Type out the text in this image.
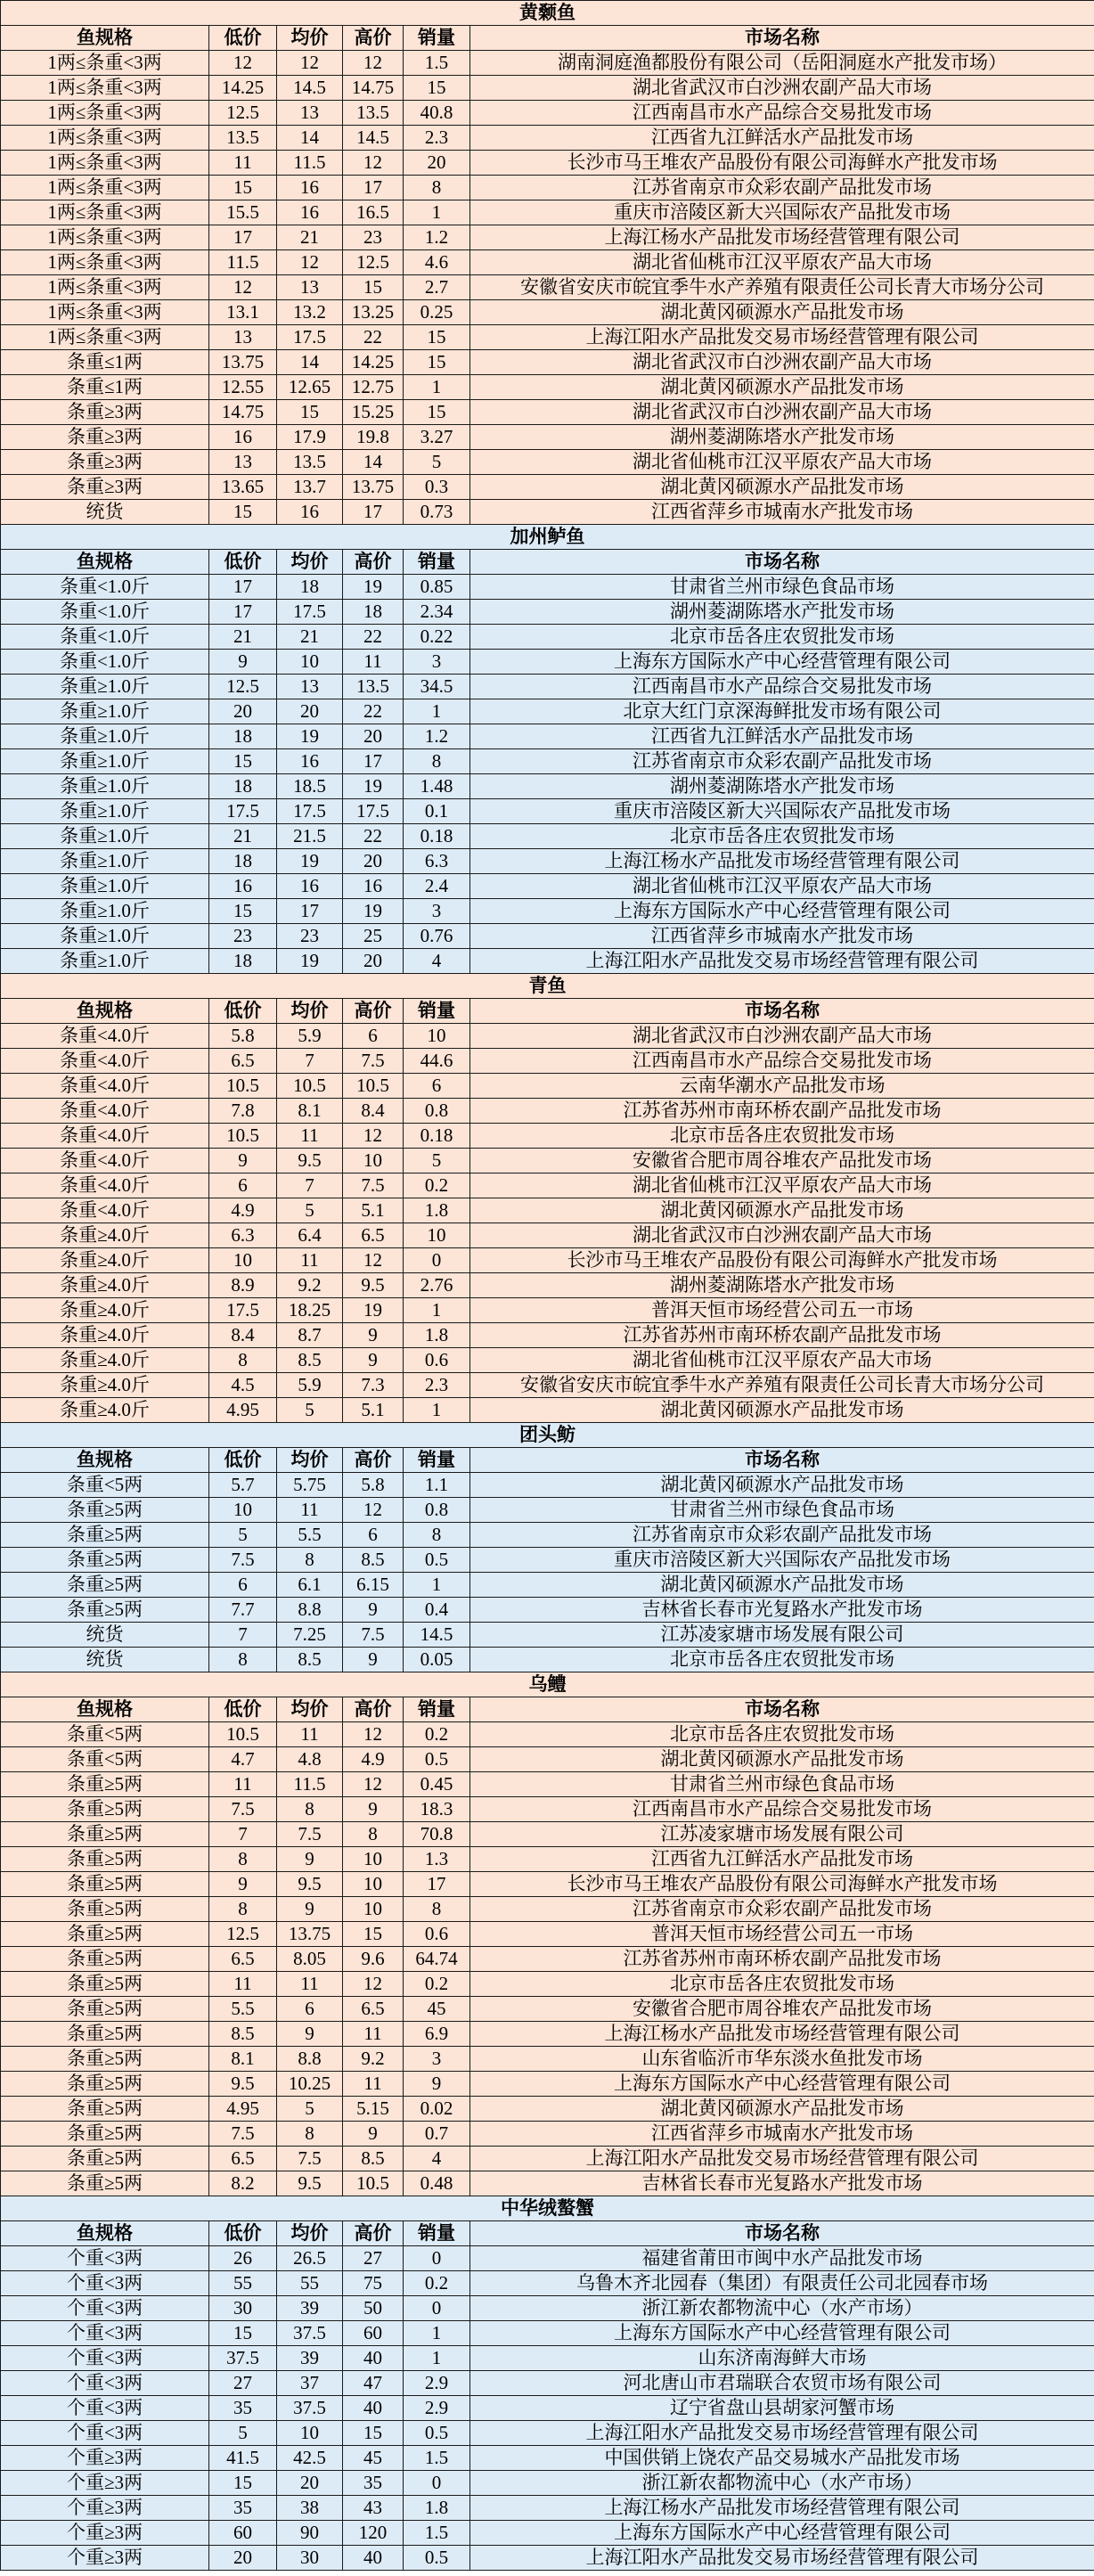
黄颡鱼					
鱼规格	低价	均价	高价	销量	市场名称
1两≤条重<3两	12	12	12	1.5	湖南洞庭渔都股份有限公司（岳阳洞庭水产批发市场）
1两≤条重<3两	14.25	14.5	14.75	15	湖北省武汉市白沙洲农副产品大市场
1两≤条重<3两	12.5	13	13.5	40.8	江西南昌市水产品综合交易批发市场
1两≤条重<3两	13.5	14	14.5	2.3	江西省九江鲜活水产品批发市场
1两≤条重<3两	11	11.5	12	20	长沙市马王堆农产品股份有限公司海鲜水产批发市场
1两≤条重<3两	15	16	17	8	江苏省南京市众彩农副产品批发市场
1两≤条重<3两	15.5	16	16.5	1	重庆市涪陵区新大兴国际农产品批发市场
1两≤条重<3两	17	21	23	1.2	上海江杨水产品批发市场经营管理有限公司
1两≤条重<3两	11.5	12	12.5	4.6	湖北省仙桃市江汉平原农产品大市场
1两≤条重<3两	12	13	15	2.7	安徽省安庆市皖宜季牛水产养殖有限责任公司长青大市场分公司
1两≤条重<3两	13.1	13.2	13.25	0.25	湖北黄冈硕源水产品批发市场
1两≤条重<3两	13	17.5	22	15	上海江阳水产品批发交易市场经营管理有限公司
条重≤1两	13.75	14	14.25	15	湖北省武汉市白沙洲农副产品大市场
条重≤1两	12.55	12.65	12.75	1	湖北黄冈硕源水产品批发市场
条重≥3两	14.75	15	15.25	15	湖北省武汉市白沙洲农副产品大市场
条重≥3两	16	17.9	19.8	3.27	湖州菱湖陈塔水产批发市场
条重≥3两	13	13.5	14	5	湖北省仙桃市江汉平原农产品大市场
条重≥3两	13.65	13.7	13.75	0.3	湖北黄冈硕源水产品批发市场
统货	15	16	17	0.73	江西省萍乡市城南水产批发市场
加州鲈鱼					
鱼规格	低价	均价	高价	销量	市场名称
条重<1.0斤	17	18	19	0.85	甘肃省兰州市绿色食品市场
条重<1.0斤	17	17.5	18	2.34	湖州菱湖陈塔水产批发市场
条重<1.0斤	21	21	22	0.22	北京市岳各庄农贸批发市场
条重<1.0斤	9	10	11	3	上海东方国际水产中心经营管理有限公司
条重≥1.0斤	12.5	13	13.5	34.5	江西南昌市水产品综合交易批发市场
条重≥1.0斤	20	20	22	1	北京大红门京深海鲜批发市场有限公司
条重≥1.0斤	18	19	20	1.2	江西省九江鲜活水产品批发市场
条重≥1.0斤	15	16	17	8	江苏省南京市众彩农副产品批发市场
条重≥1.0斤	18	18.5	19	1.48	湖州菱湖陈塔水产批发市场
条重≥1.0斤	17.5	17.5	17.5	0.1	重庆市涪陵区新大兴国际农产品批发市场
条重≥1.0斤	21	21.5	22	0.18	北京市岳各庄农贸批发市场
条重≥1.0斤	18	19	20	6.3	上海江杨水产品批发市场经营管理有限公司
条重≥1.0斤	16	16	16	2.4	湖北省仙桃市江汉平原农产品大市场
条重≥1.0斤	15	17	19	3	上海东方国际水产中心经营管理有限公司
条重≥1.0斤	23	23	25	0.76	江西省萍乡市城南水产批发市场
条重≥1.0斤	18	19	20	4	上海江阳水产品批发交易市场经营管理有限公司
青鱼					
鱼规格	低价	均价	高价	销量	市场名称
条重<4.0斤	5.8	5.9	6	10	湖北省武汉市白沙洲农副产品大市场
条重<4.0斤	6.5	7	7.5	44.6	江西南昌市水产品综合交易批发市场
条重<4.0斤	10.5	10.5	10.5	6	云南华潮水产品批发市场
条重<4.0斤	7.8	8.1	8.4	0.8	江苏省苏州市南环桥农副产品批发市场
条重<4.0斤	10.5	11	12	0.18	北京市岳各庄农贸批发市场
条重<4.0斤	9	9.5	10	5	安徽省合肥市周谷堆农产品批发市场
条重<4.0斤	6	7	7.5	0.2	湖北省仙桃市江汉平原农产品大市场
条重<4.0斤	4.9	5	5.1	1.8	湖北黄冈硕源水产品批发市场
条重≥4.0斤	6.3	6.4	6.5	10	湖北省武汉市白沙洲农副产品大市场
条重≥4.0斤	10	11	12	0	长沙市马王堆农产品股份有限公司海鲜水产批发市场
条重≥4.0斤	8.9	9.2	9.5	2.76	湖州菱湖陈塔水产批发市场
条重≥4.0斤	17.5	18.25	19	1	普洱天恒市场经营公司五一市场
条重≥4.0斤	8.4	8.7	9	1.8	江苏省苏州市南环桥农副产品批发市场
条重≥4.0斤	8	8.5	9	0.6	湖北省仙桃市江汉平原农产品大市场
条重≥4.0斤	4.5	5.9	7.3	2.3	安徽省安庆市皖宜季牛水产养殖有限责任公司长青大市场分公司
条重≥4.0斤	4.95	5	5.1	1	湖北黄冈硕源水产品批发市场
团头鲂					
鱼规格	低价	均价	高价	销量	市场名称
条重<5两	5.7	5.75	5.8	1.1	湖北黄冈硕源水产品批发市场
条重≥5两	10	11	12	0.8	甘肃省兰州市绿色食品市场
条重≥5两	5	5.5	6	8	江苏省南京市众彩农副产品批发市场
条重≥5两	7.5	8	8.5	0.5	重庆市涪陵区新大兴国际农产品批发市场
条重≥5两	6	6.1	6.15	1	湖北黄冈硕源水产品批发市场
条重≥5两	7.7	8.8	9	0.4	吉林省长春市光复路水产批发市场
统货	7	7.25	7.5	14.5	江苏凌家塘市场发展有限公司
统货	8	8.5	9	0.05	北京市岳各庄农贸批发市场
乌鳢					
鱼规格	低价	均价	高价	销量	市场名称
条重<5两	10.5	11	12	0.2	北京市岳各庄农贸批发市场
条重<5两	4.7	4.8	4.9	0.5	湖北黄冈硕源水产品批发市场
条重≥5两	11	11.5	12	0.45	甘肃省兰州市绿色食品市场
条重≥5两	7.5	8	9	18.3	江西南昌市水产品综合交易批发市场
条重≥5两	7	7.5	8	70.8	江苏凌家塘市场发展有限公司
条重≥5两	8	9	10	1.3	江西省九江鲜活水产品批发市场
条重≥5两	9	9.5	10	17	长沙市马王堆农产品股份有限公司海鲜水产批发市场
条重≥5两	8	9	10	8	江苏省南京市众彩农副产品批发市场
条重≥5两	12.5	13.75	15	0.6	普洱天恒市场经营公司五一市场
条重≥5两	6.5	8.05	9.6	64.74	江苏省苏州市南环桥农副产品批发市场
条重≥5两	11	11	12	0.2	北京市岳各庄农贸批发市场
条重≥5两	5.5	6	6.5	45	安徽省合肥市周谷堆农产品批发市场
条重≥5两	8.5	9	11	6.9	上海江杨水产品批发市场经营管理有限公司
条重≥5两	8.1	8.8	9.2	3	山东省临沂市华东淡水鱼批发市场
条重≥5两	9.5	10.25	11	9	上海东方国际水产中心经营管理有限公司
条重≥5两	4.95	5	5.15	0.02	湖北黄冈硕源水产品批发市场
条重≥5两	7.5	8	9	0.7	江西省萍乡市城南水产批发市场
条重≥5两	6.5	7.5	8.5	4	上海江阳水产品批发交易市场经营管理有限公司
条重≥5两	8.2	9.5	10.5	0.48	吉林省长春市光复路水产批发市场
中华绒螯蟹					
鱼规格	低价	均价	高价	销量	市场名称
个重<3两	26	26.5	27	0	福建省莆田市闽中水产品批发市场
个重<3两	55	55	75	0.2	乌鲁木齐北园春（集团）有限责任公司北园春市场
个重<3两	30	39	50	0	浙江新农都物流中心（水产市场）
个重<3两	15	37.5	60	1	上海东方国际水产中心经营管理有限公司
个重<3两	37.5	39	40	1	山东济南海鲜大市场
个重<3两	27	37	47	2.9	河北唐山市君瑞联合农贸市场有限公司
个重<3两	35	37.5	40	2.9	辽宁省盘山县胡家河蟹市场
个重<3两	5	10	15	0.5	上海江阳水产品批发交易市场经营管理有限公司
个重≥3两	41.5	42.5	45	1.5	中国供销上饶农产品交易城水产品批发市场
个重≥3两	15	20	35	0	浙江新农都物流中心（水产市场）
个重≥3两	35	38	43	1.8	上海江杨水产品批发市场经营管理有限公司
个重≥3两	60	90	120	1.5	上海东方国际水产中心经营管理有限公司
个重≥3两	20	30	40	0.5	上海江阳水产品批发交易市场经营管理有限公司
